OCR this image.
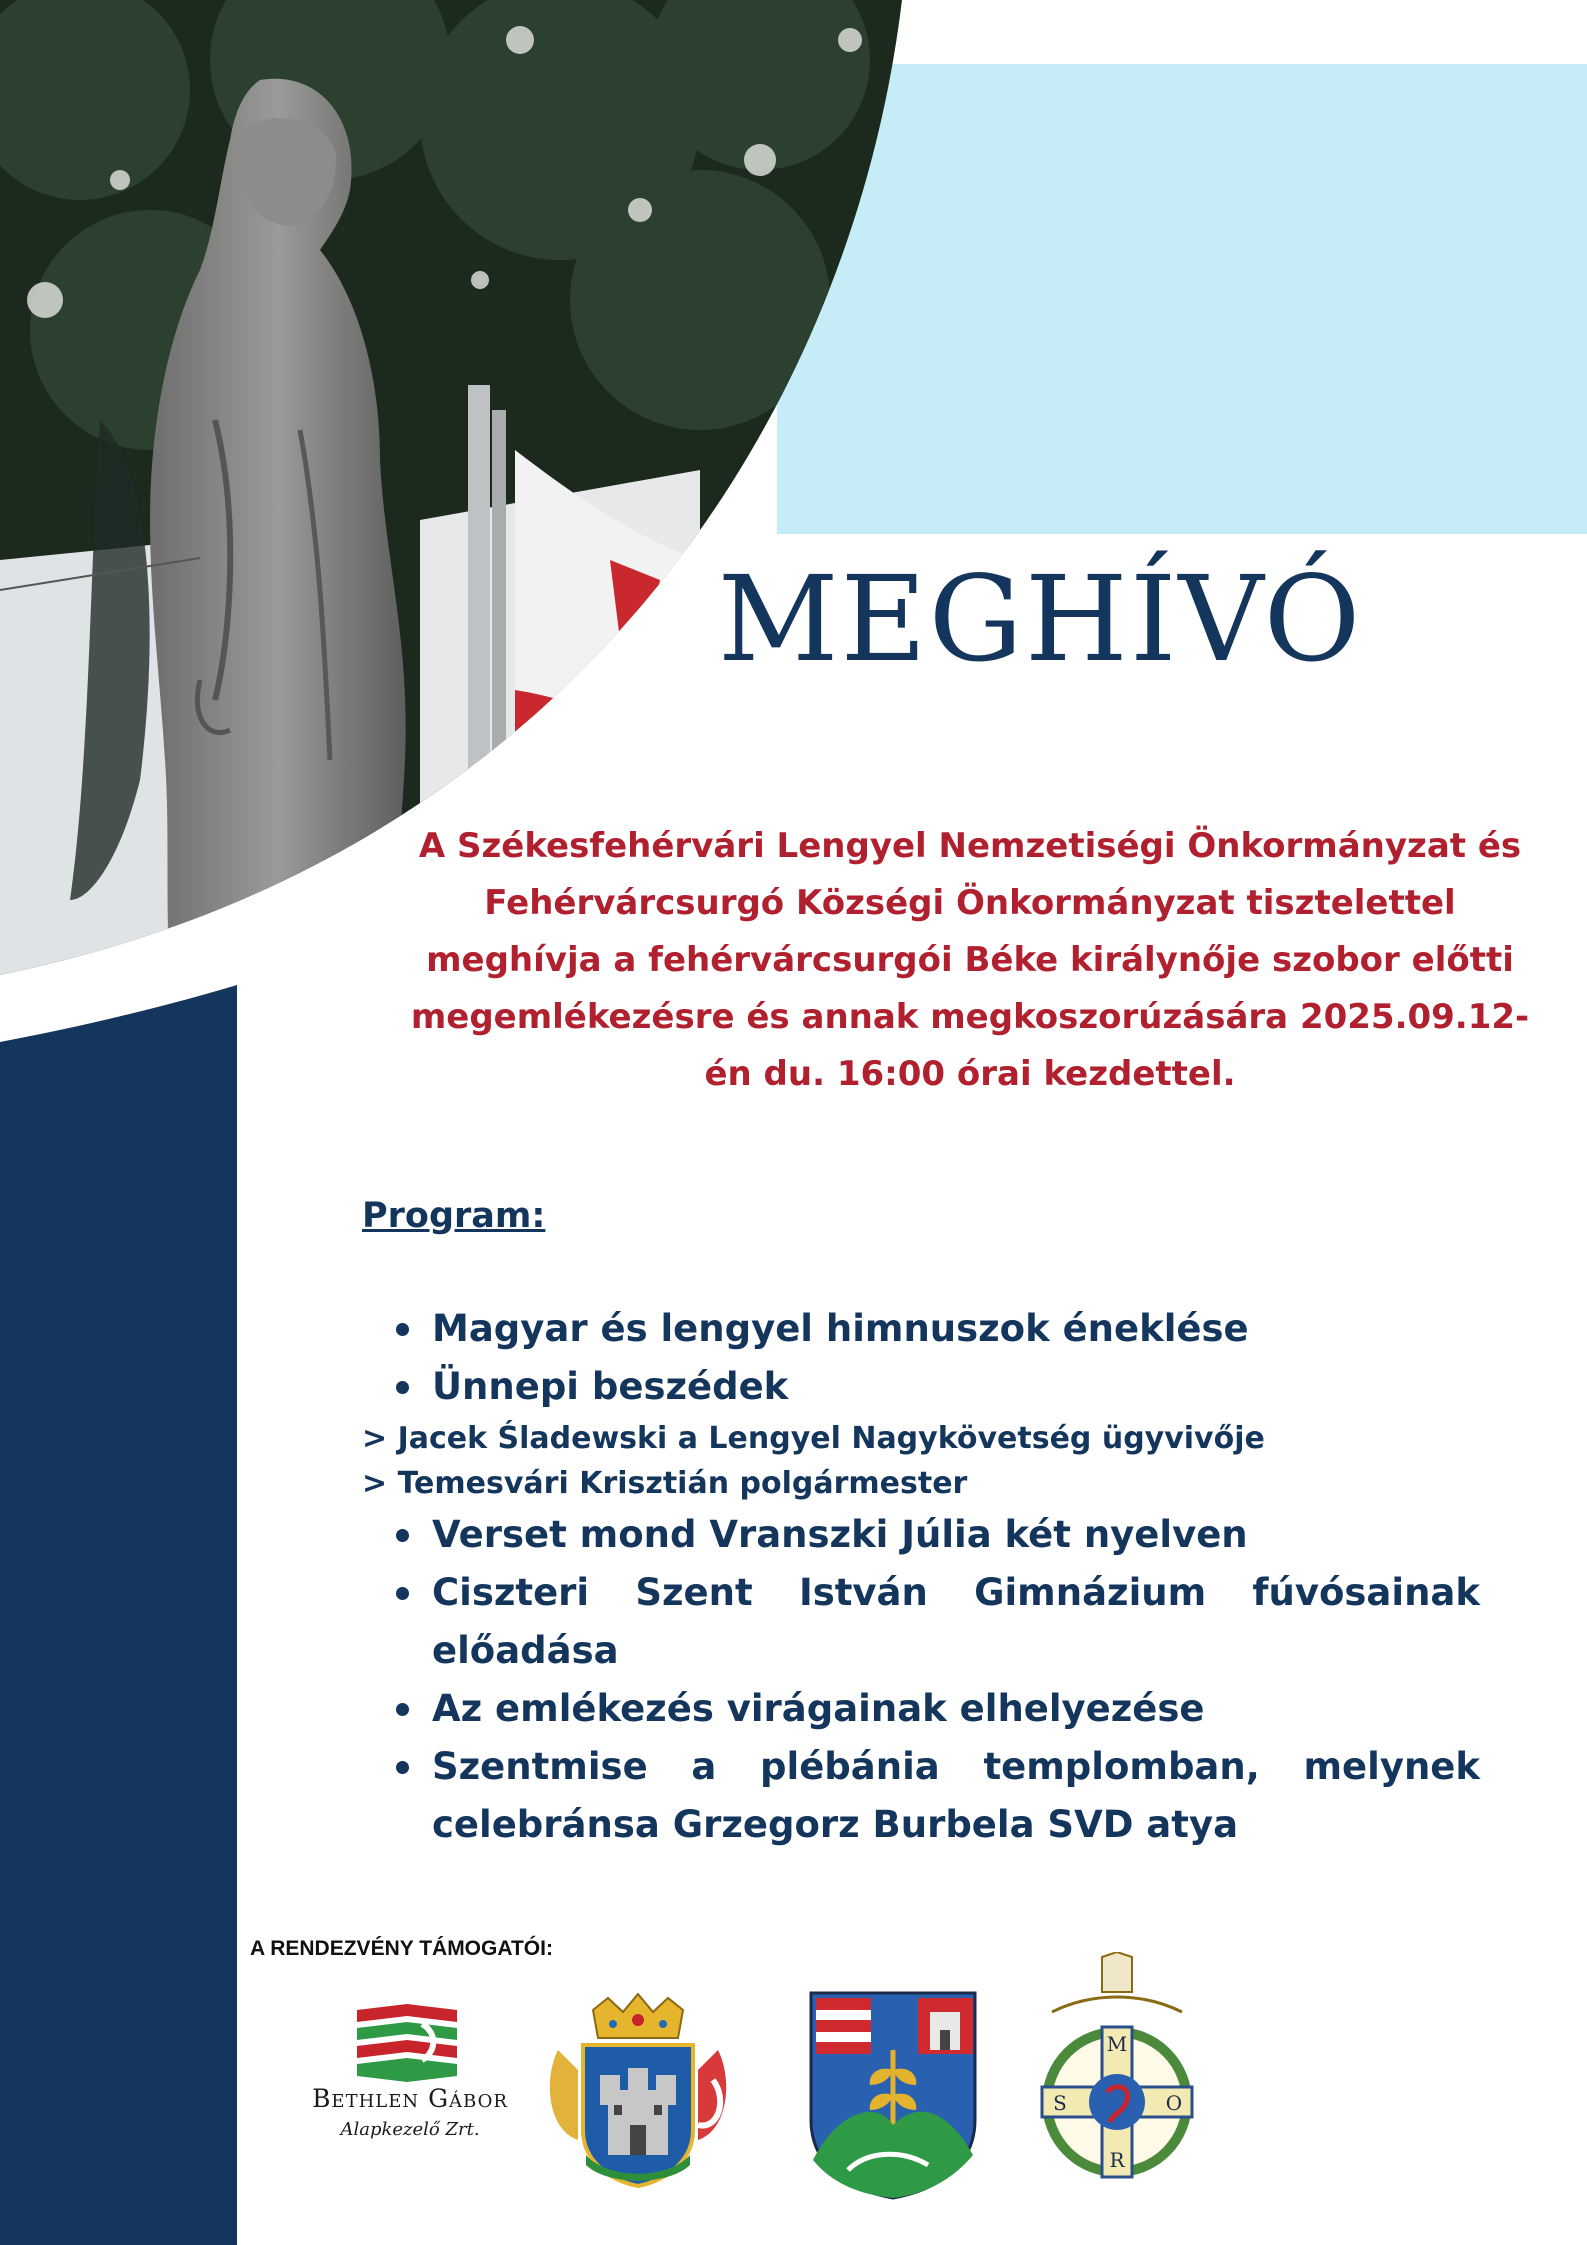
MEGHÍVÓ

A Székesfehérvári Lengyel Nemzetiségi Önkormányzat és Fehérvárcsurgó Községi Önkormányzat tisztelettel meghívja a fehérvárcsurgói Béke királynője szobor előtti megemlékezésre és annak megkoszorúzására 2025.09.12-én du. 16:00 órai kezdettel.

Program:

Magyar és lengyel himnuszok éneklése
Ünnepi beszédek
> Jacek Śladewski a Lengyel Nagykövetség ügyvivője
> Temesvári Krisztián polgármester
Verset mond Vranszki Júlia két nyelven
Ciszteri Szent István Gimnázium fúvósainak előadása
Az emlékezés virágainak elhelyezése
Szentmise a plébánia templomban, melynek celebránsa Grzegorz Burbela SVD atya

A RENDEZVÉNY TÁMOGATÓI:

Bethlen Gábor
Alapkezelő Zrt.
M
S	O
R
